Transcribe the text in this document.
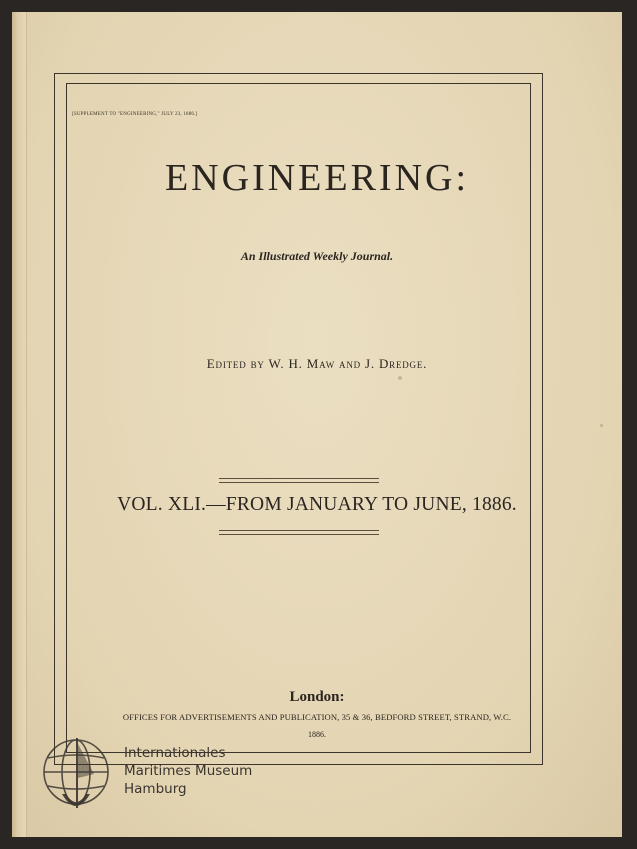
[SUPPLEMENT TO "ENGINEERING," JULY 23, 1886.]
ENGINEERING:
An Illustrated Weekly Journal.
Edited by W. H. Maw and J. Dredge.
VOL. XLI.—FROM JANUARY TO JUNE, 1886.
London:
OFFICES FOR ADVERTISEMENTS AND PUBLICATION, 35 & 36, BEDFORD STREET, STRAND, W.C.
1886.
Internationales
Maritimes Museum
Hamburg
